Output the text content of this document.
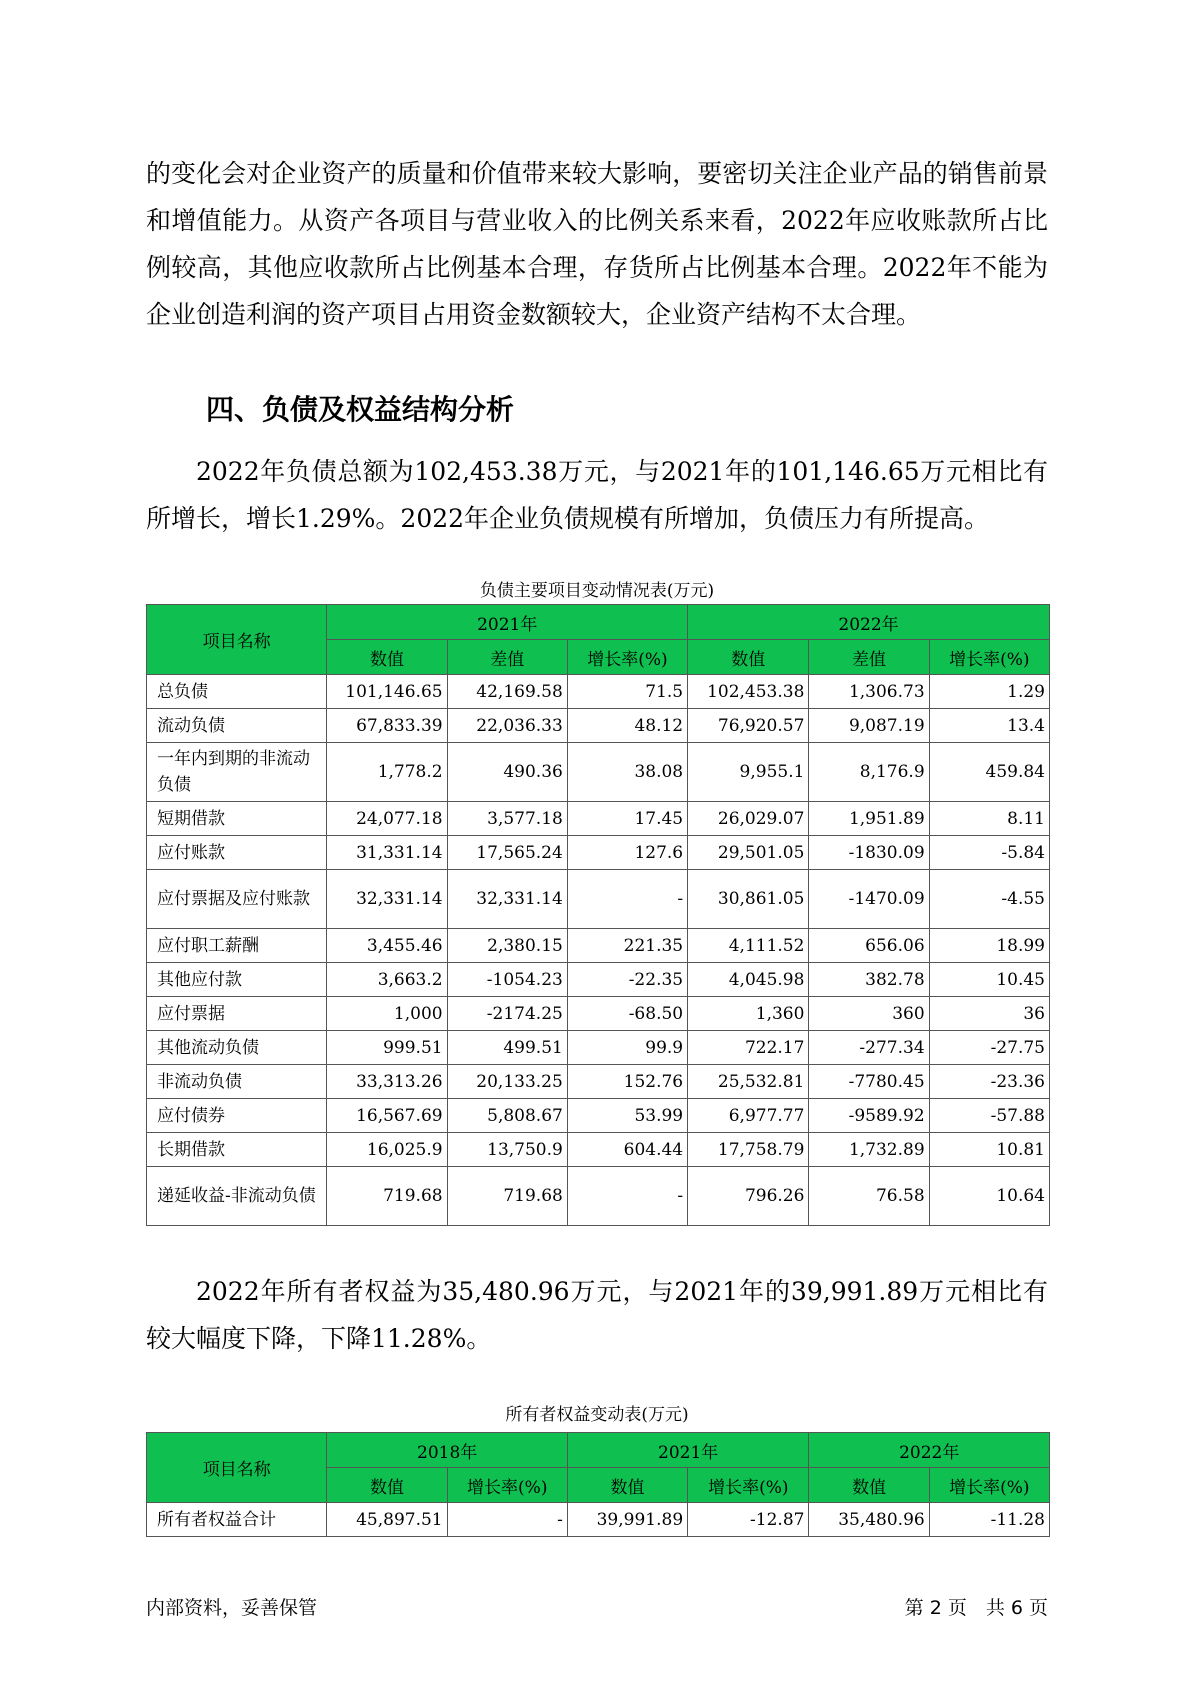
的变化会对企业资产的质量和价值带来较大影响，要密切关注企业产品的销售前景和增值能力。从资产各项目与营业收入的比例关系来看，2022年应收账款所占比例较高，其他应收款所占比例基本合理，存货所占比例基本合理。2022年不能为企业创造利润的资产项目占用资金数额较大，企业资产结构不太合理。

四、负债及权益结构分析

2022年负债总额为102,453.38万元，与2021年的101,146.65万元相比有所增长，增长1.29%。2022年企业负债规模有所增加，负债压力有所提高。

负债主要项目变动情况表(万元)
项目名称	2021年			2022年		
	数值	差值	增长率(%)	数值	差值	增长率(%)
总负债	101,146.65	42,169.58	71.5	102,453.38	1,306.73	1.29
流动负债	67,833.39	22,036.33	48.12	76,920.57	9,087.19	13.4
一年内到期的非流动负债	1,778.2	490.36	38.08	9,955.1	8,176.9	459.84
短期借款	24,077.18	3,577.18	17.45	26,029.07	1,951.89	8.11
应付账款	31,331.14	17,565.24	127.6	29,501.05	-1830.09	-5.84
应付票据及应付账款	32,331.14	32,331.14	-	30,861.05	-1470.09	-4.55
应付职工薪酬	3,455.46	2,380.15	221.35	4,111.52	656.06	18.99
其他应付款	3,663.2	-1054.23	-22.35	4,045.98	382.78	10.45
应付票据	1,000	-2174.25	-68.50	1,360	360	36
其他流动负债	999.51	499.51	99.9	722.17	-277.34	-27.75
非流动负债	33,313.26	20,133.25	152.76	25,532.81	-7780.45	-23.36
应付债券	16,567.69	5,808.67	53.99	6,977.77	-9589.92	-57.88
长期借款	16,025.9	13,750.9	604.44	17,758.79	1,732.89	10.81
递延收益-非流动负债	719.68	719.68	-	796.26	76.58	10.64

2022年所有者权益为35,480.96万元，与2021年的39,991.89万元相比有较大幅度下降，下降11.28%。

所有者权益变动表(万元)
项目名称	2018年		2021年		2022年	
	数值	增长率(%)	数值	增长率(%)	数值	增长率(%)
所有者权益合计	45,897.51	-	39,991.89	-12.87	35,480.96	-11.28
内部资料，妥善保管	第 2 页　共 6 页
